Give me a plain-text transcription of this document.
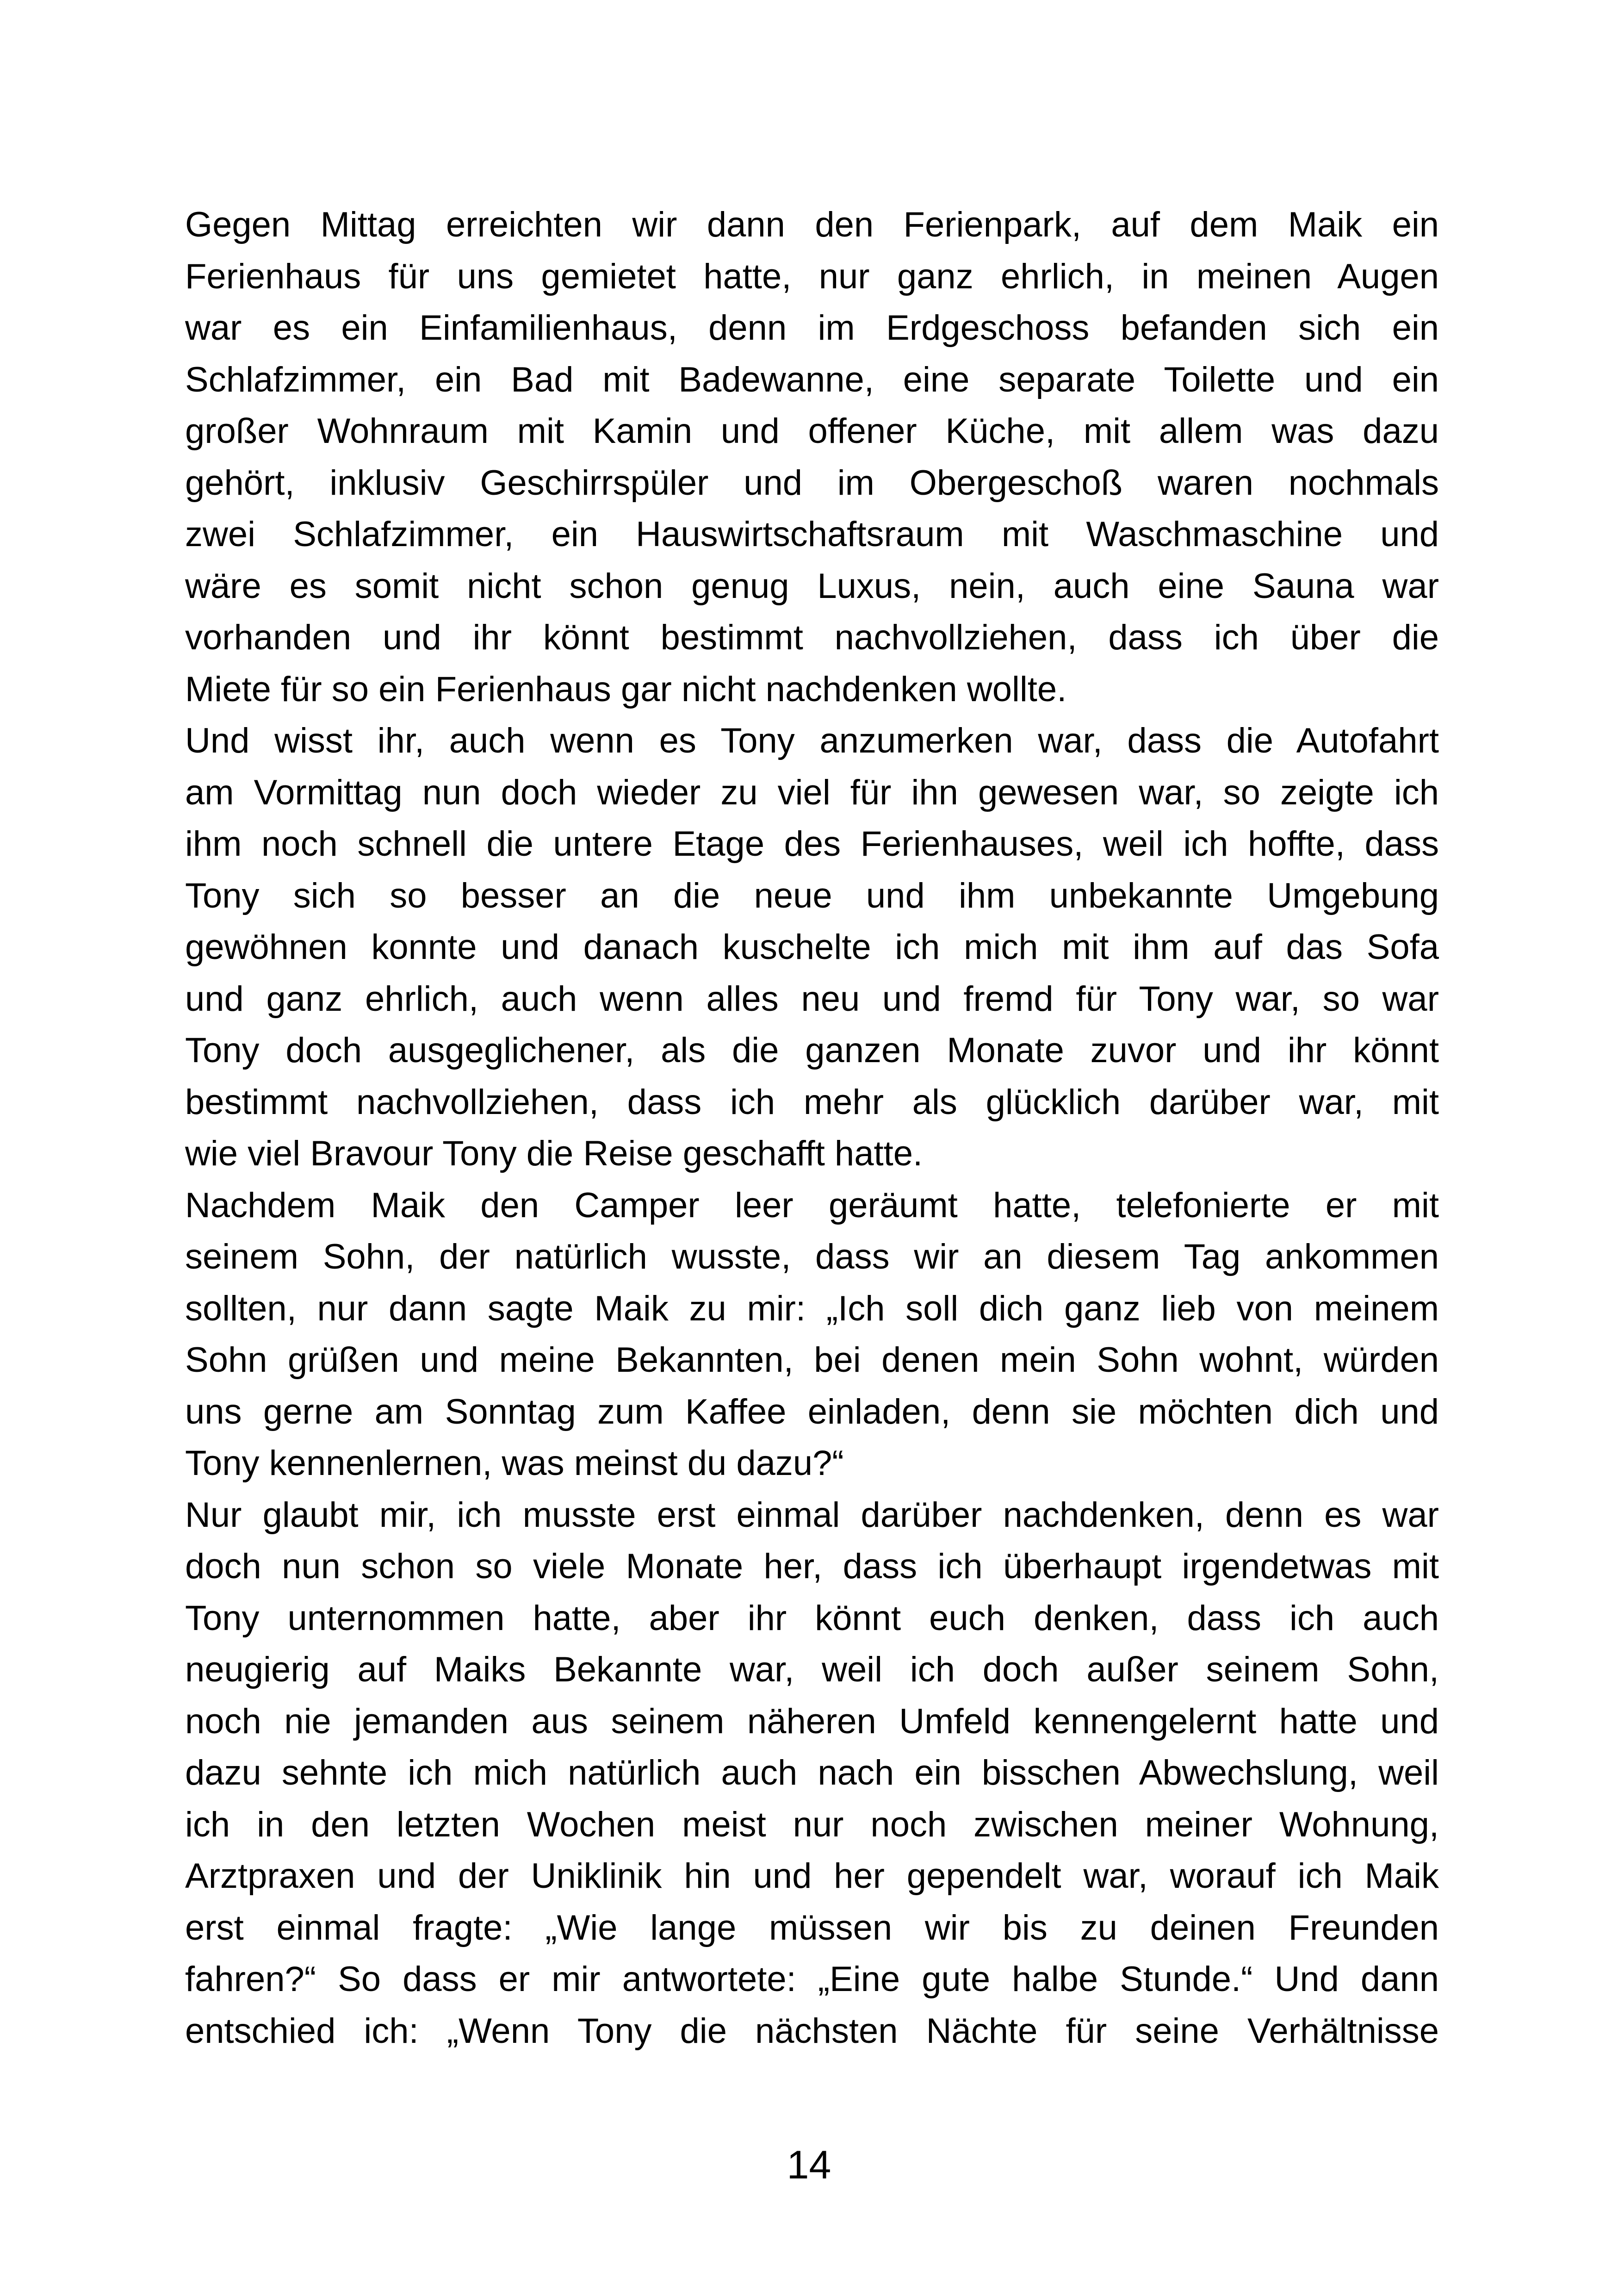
Gegen Mittag erreichten wir dann den Ferienpark, auf dem Maik ein
Ferienhaus für uns gemietet hatte, nur ganz ehrlich, in meinen Augen
war es ein Einfamilienhaus, denn im Erdgeschoss befanden sich ein
Schlafzimmer, ein Bad mit Badewanne, eine separate Toilette und ein
großer Wohnraum mit Kamin und offener Küche, mit allem was dazu
gehört, inklusiv Geschirrspüler und im Obergeschoß waren nochmals
zwei Schlafzimmer, ein Hauswirtschaftsraum mit Waschmaschine und
wäre es somit nicht schon genug Luxus, nein, auch eine Sauna war
vorhanden und ihr könnt bestimmt nachvollziehen, dass ich über die
Miete für so ein Ferienhaus gar nicht nachdenken wollte.
Und wisst ihr, auch wenn es Tony anzumerken war, dass die Autofahrt
am Vormittag nun doch wieder zu viel für ihn gewesen war, so zeigte ich
ihm noch schnell die untere Etage des Ferienhauses, weil ich hoffte, dass
Tony sich so besser an die neue und ihm unbekannte Umgebung
gewöhnen konnte und danach kuschelte ich mich mit ihm auf das Sofa
und ganz ehrlich, auch wenn alles neu und fremd für Tony war, so war
Tony doch ausgeglichener, als die ganzen Monate zuvor und ihr könnt
bestimmt nachvollziehen, dass ich mehr als glücklich darüber war, mit
wie viel Bravour Tony die Reise geschafft hatte.
Nachdem Maik den Camper leer geräumt hatte, telefonierte er mit
seinem Sohn, der natürlich wusste, dass wir an diesem Tag ankommen
sollten, nur dann sagte Maik zu mir: „Ich soll dich ganz lieb von meinem
Sohn grüßen und meine Bekannten, bei denen mein Sohn wohnt, würden
uns gerne am Sonntag zum Kaffee einladen, denn sie möchten dich und
Tony kennenlernen, was meinst du dazu?“
Nur glaubt mir, ich musste erst einmal darüber nachdenken, denn es war
doch nun schon so viele Monate her, dass ich überhaupt irgendetwas mit
Tony unternommen hatte, aber ihr könnt euch denken, dass ich auch
neugierig auf Maiks Bekannte war, weil ich doch außer seinem Sohn,
noch nie jemanden aus seinem näheren Umfeld kennengelernt hatte und
dazu sehnte ich mich natürlich auch nach ein bisschen Abwechslung, weil
ich in den letzten Wochen meist nur noch zwischen meiner Wohnung,
Arztpraxen und der Uniklinik hin und her gependelt war, worauf ich Maik
erst einmal fragte: „Wie lange müssen wir bis zu deinen Freunden
fahren?“ So dass er mir antwortete: „Eine gute halbe Stunde.“ Und dann
entschied ich: „Wenn Tony die nächsten Nächte für seine Verhältnisse
14
